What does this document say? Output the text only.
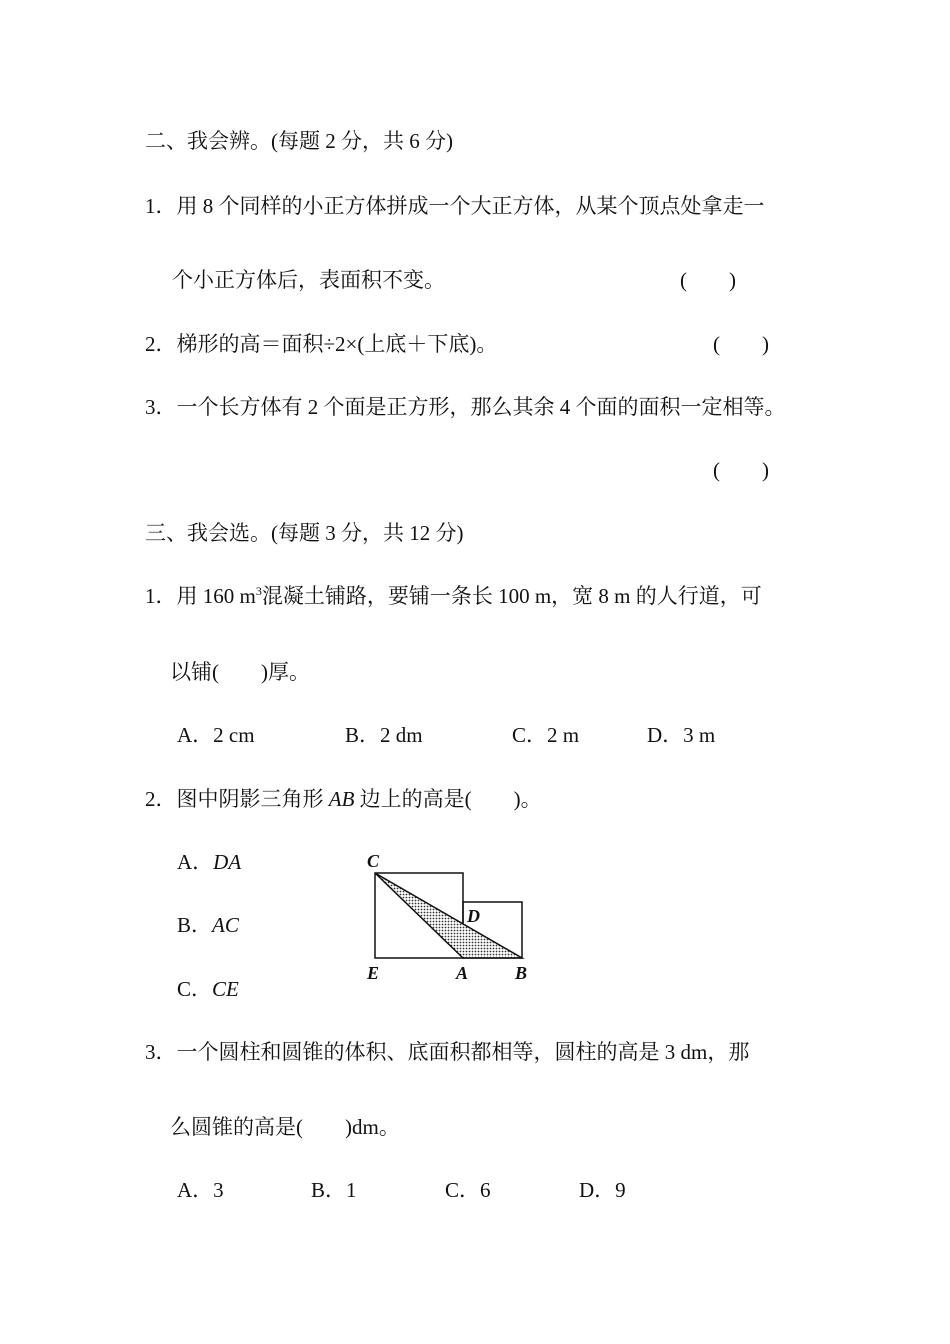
二、我会辨。(每题 2 分，共 6 分)
1．用 8 个同样的小正方体拼成一个大正方体，从某个顶点处拿走一
个小正方体后，表面积不变。	( )
2．梯形的高＝面积÷2×(上底＋下底)。	( )
3．一个长方体有 2 个面是正方形，那么其余 4 个面的面积一定相等。
( )
三、我会选。(每题 3 分，共 12 分)
1．用 160 $m^3$混凝土铺路，要铺一条长 100 m，宽 8 m 的人行道，可
以铺( )厚。
A．2 cm	B．2 dm	C．2 m	D．3 m
2．图中阴影三角形 AB 边上的高是( )。
A．DA
B．AC
C．CE
C
D
E	A	B
3．一个圆柱和圆锥的体积、底面积都相等，圆柱的高是 3 dm，那
么圆锥的高是( )dm。
A．3	B．1	C．6	D．9
